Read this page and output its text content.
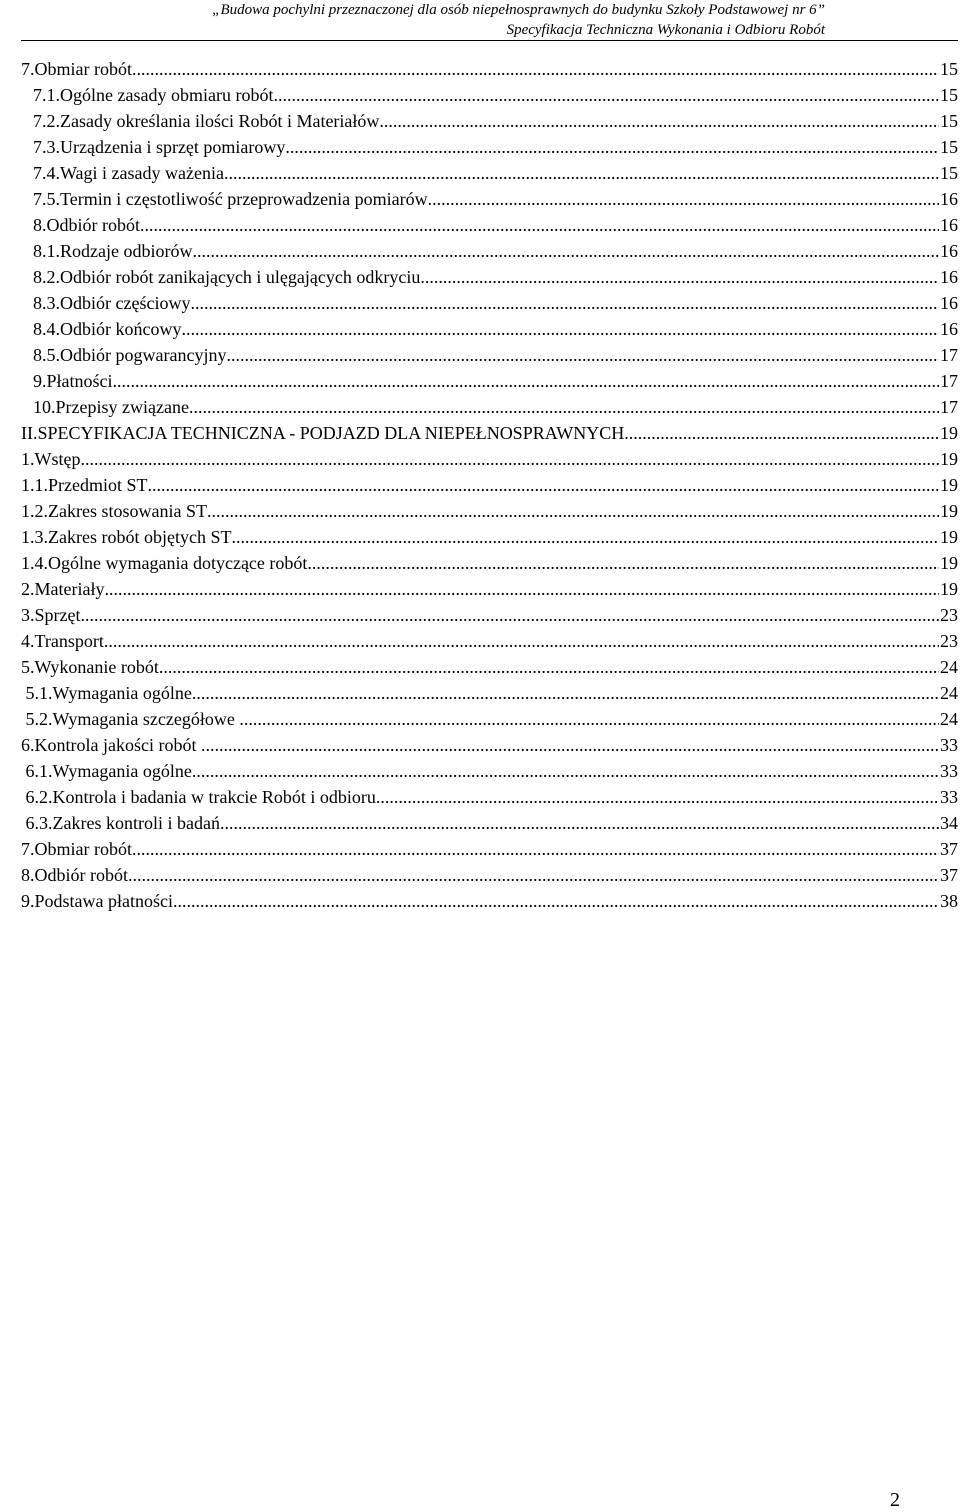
„Budowa pochylni przeznaczonej dla osób niepełnosprawnych do budynku Szkoły Podstawowej nr 6”
Specyfikacja Techniczna Wykonania i Odbioru Robót
7.Obmiar robót .....	15
7.1.Ogólne zasady obmiaru robót .....	15
7.2.Zasady określania ilości Robót i Materiałów .....	15
7.3.Urządzenia i sprzęt pomiarowy .....	15
7.4.Wagi i zasady ważenia .....	15
7.5.Termin i częstotliwość przeprowadzenia pomiarów .....	16
8.Odbiór robót .....	16
8.1.Rodzaje odbiorów .....	16
8.2.Odbiór robót zanikających i ulęgających odkryciu .....	16
8.3.Odbiór częściowy .....	16
8.4.Odbiór końcowy .....	16
8.5.Odbiór pogwarancyjny .....	17
9.Płatności .....	17
10.Przepisy związane .....	17
II.SPECYFIKACJA TECHNICZNA - PODJAZD DLA NIEPEŁNOSPRAWNYCH .....	19
1.Wstęp .....	19
1.1.Przedmiot ST .....	19
1.2.Zakres stosowania ST .....	19
1.3.Zakres robót objętych ST .....	19
1.4.Ogólne wymagania dotyczące robót .....	19
2.Materiały .....	19
3.Sprzęt .....	23
4.Transport .....	23
5.Wykonanie robót .....	24
5.1.Wymagania ogólne .....	24
5.2.Wymagania szczegółowe .....	24
6.Kontrola jakości robót .....	33
6.1.Wymagania ogólne .....	33
6.2.Kontrola i badania w trakcie Robót i odbioru .....	33
6.3.Zakres kontroli i badań .....	34
7.Obmiar robót .....	37
8.Odbiór robót .....	37
9.Podstawa płatności .....	38
2
